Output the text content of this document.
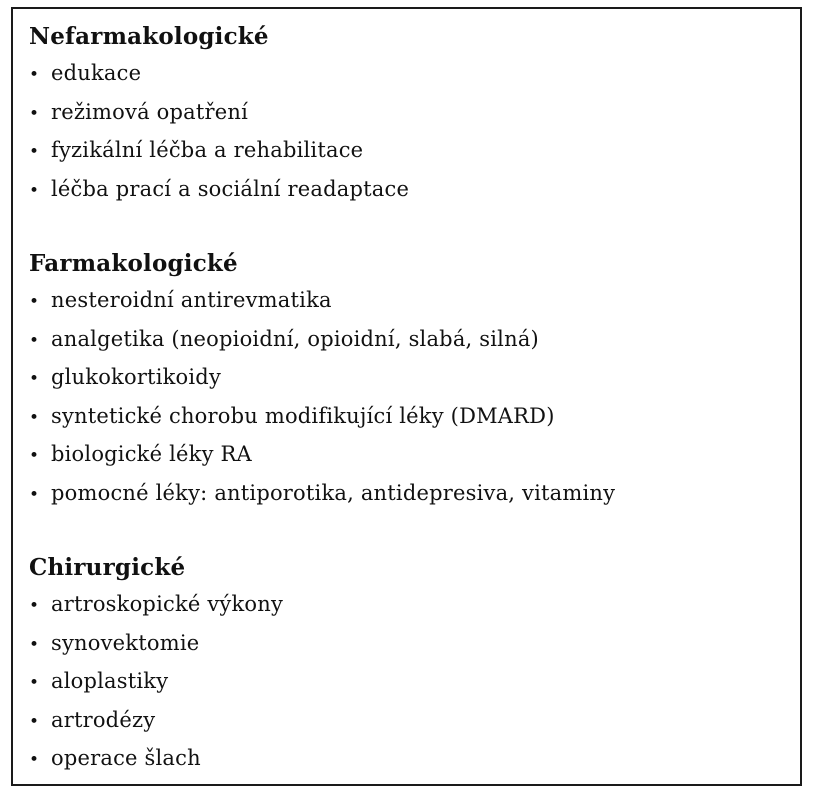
Nefarmakologické
• edukace
• režimová opatření
• fyzikální léčba a rehabilitace
• léčba prací a sociální readaptace
Farmakologické
• nesteroidní antirevmatika
• analgetika (neopioidní, opioidní, slabá, silná)
• glukokortikoidy
• syntetické chorobu modifikující léky (DMARD)
• biologické léky RA
• pomocné léky: antiporotika, antidepresiva, vitaminy
Chirurgické
• artroskopické výkony
• synovektomie
• aloplastiky
• artrodézy
• operace šlach
